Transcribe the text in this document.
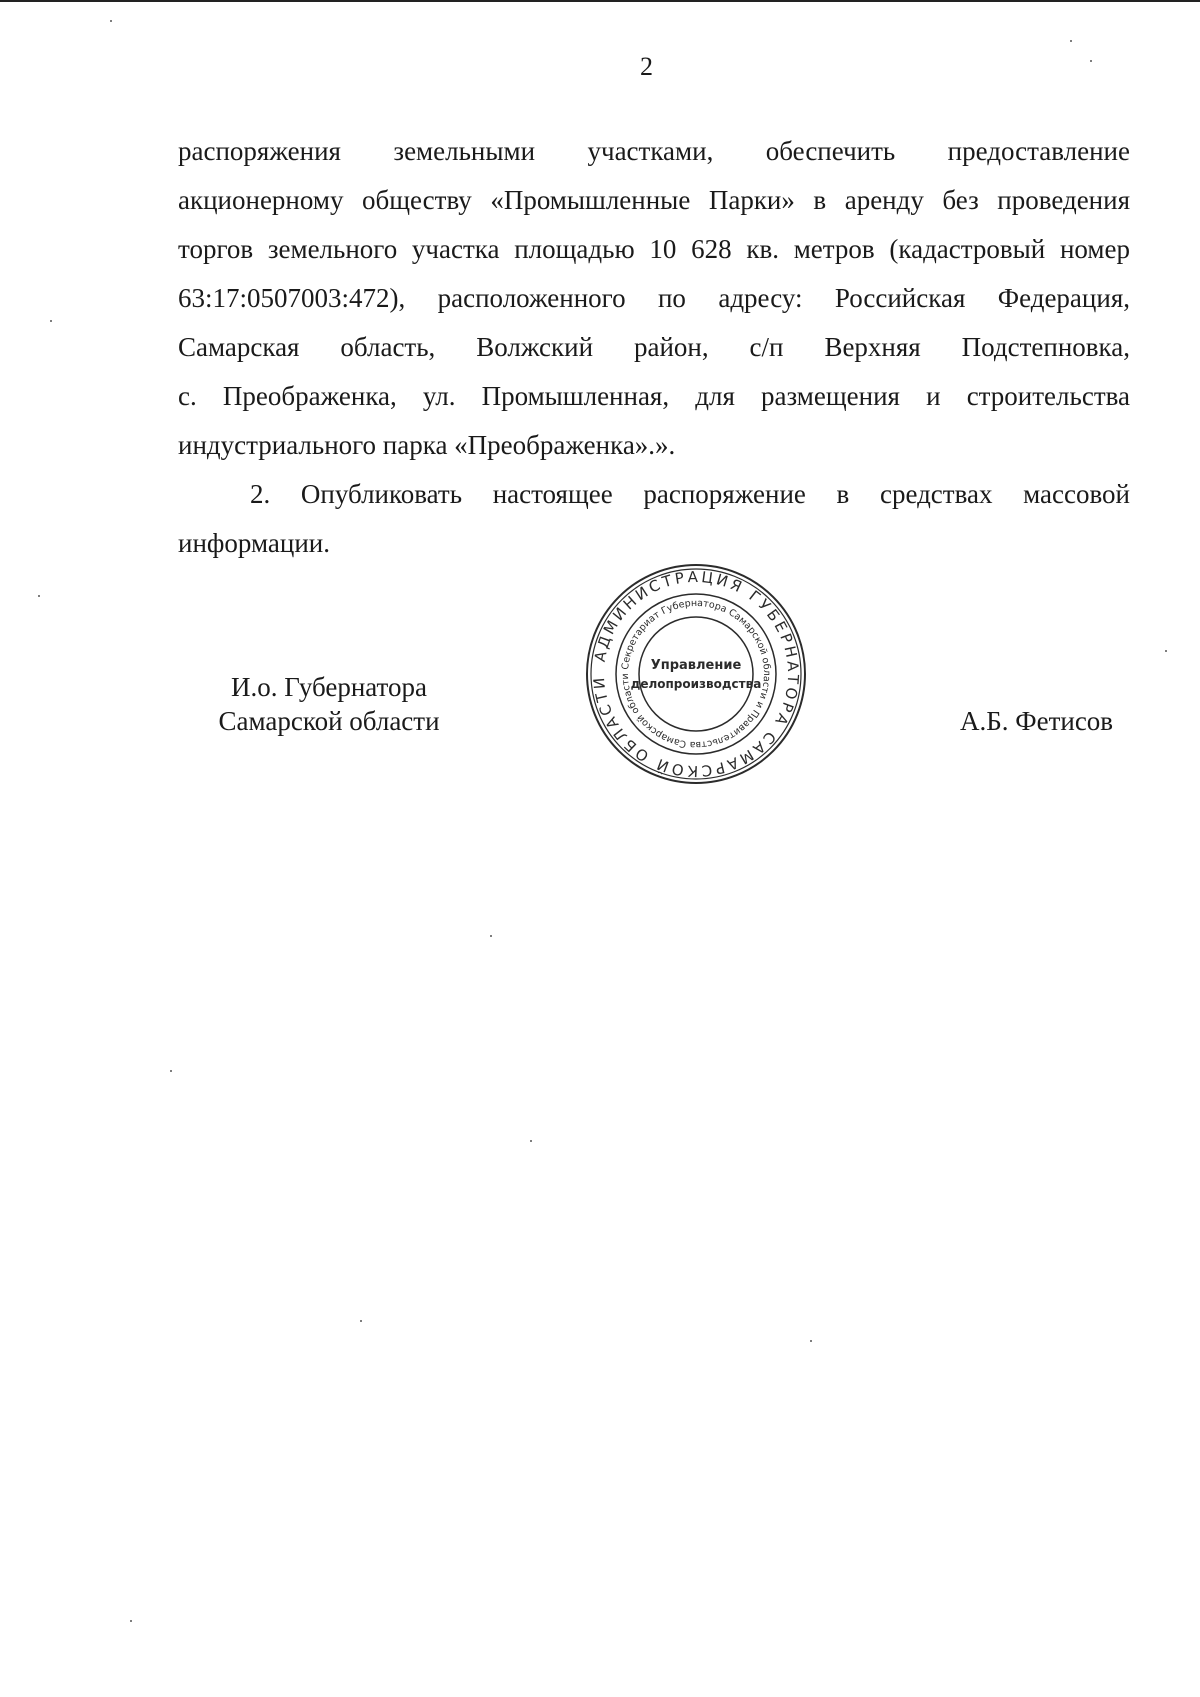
2
распоряжения земельными участками, обеспечить предоставление
акционерному обществу «Промышленные Парки» в аренду без проведения
торгов земельного участка площадью 10 628 кв. метров (кадастровый номер
63:17:0507003:472), расположенного по адресу: Российская Федерация,
Самарская область, Волжский район, с/п Верхняя Подстепновка,
с. Преображенка, ул. Промышленная, для размещения и строительства
индустриального парка «Преображенка».».
2. Опубликовать настоящее распоряжение в средствах массовой
информации.
И.о. Губернатора
Самарской области	А.Б. Фетисов
АДМИНИСТРАЦИЯ ГУБЕРНАТОРА САМАРСКОЙ ОБЛАСТИ
Секретариат Губернатора Самарской области и Правительства Самарской области
Управление
делопроизводства
